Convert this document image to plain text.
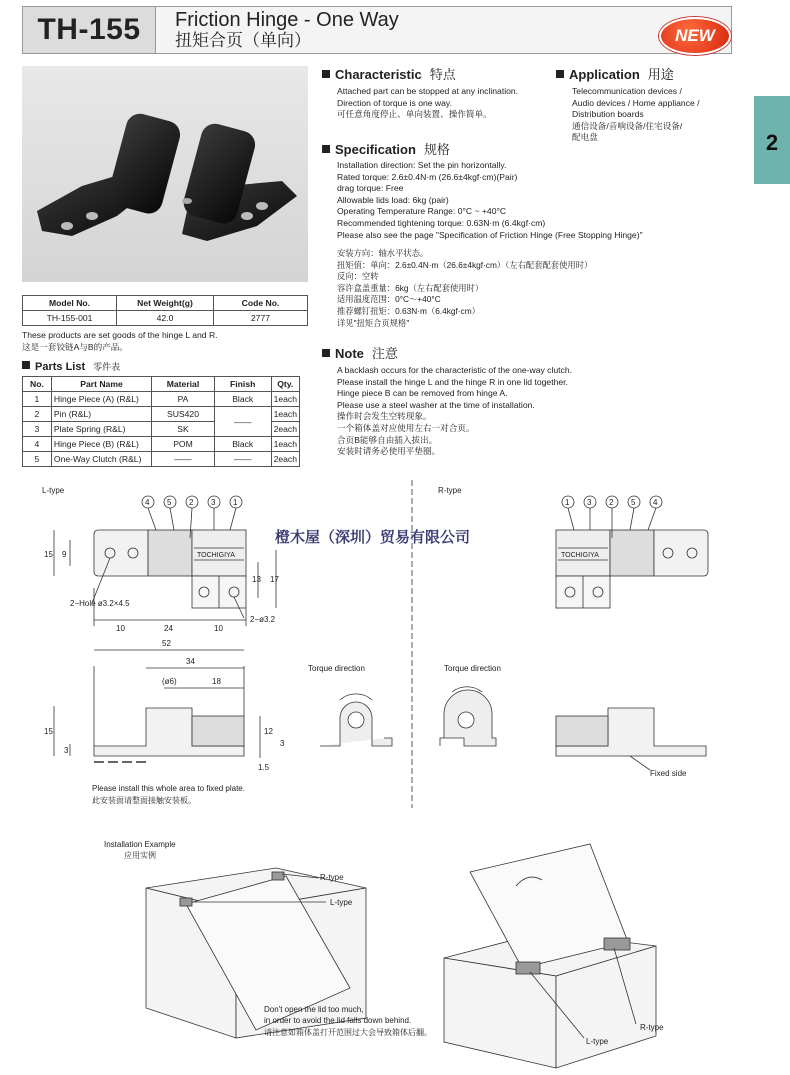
TH-155	Friction Hinge - One Way
扭矩合页（单向）	NEW
2
Model No.	Net Weight(g)	Code No.
TH-155-001	42.0	2777
These products are set goods of the hinge L and R.
这是一套铰链A与B的产品。
Parts List 零件表
No.	Part Name	Material	Finish	Qty.
1	Hinge Piece (A) (R&L)	PA	Black	1each
2	Pin (R&L)	SUS420	——	1each
3	Plate Spring (R&L)	SK		2each
4	Hinge Piece (B) (R&L)	POM	Black	1each
5	One-Way Clutch (R&L)	——	——	2each
Characteristic 特点
Attached part can be stopped at any inclination.
Direction of torque is one way.
可任意角度停止、单向装置、操作简单。
Application 用途
Telecommunication devices /
Audio devices / Home appliance /
Distribution boards
通信设备/音响设备/住宅设备/
配电盘
Specification 规格
Installation direction: Set the pin horizontally.
Rated torque: 2.6±0.4N·m (26.6±4kgf·cm)(Pair)
drag torque: Free
Allowable lids load: 6kg (pair)
Operating Temperature Range: 0°C ~ +40°C
Recommended tightening torque: 0.63N·m (6.4kgf·cm)
Please also see the page "Specification of Friction Hinge (Free Stopping Hinge)"
安装方向：轴水平状态。
扭矩值：单向：2.6±0.4N·m（26.6±4kgf·cm）（左右配套配套使用时）
反向：空转
容许盒盖重量：6kg（左右配套使用时）
适用温度范围：0°C～+40°C
推荐螺钉扭矩：0.63N·m（6.4kgf·cm）
详见"扭矩合页规格"
Note 注意
A backlash occurs for the characteristic of the one-way clutch.
Please install the hinge L and the hinge R in one lid together.
Hinge piece B can be removed from hinge A.
Please use a steel washer at the time of installation.
操作时会发生空转现象。
一个箱体盖对应使用左右一对合页。
合页B能够自由插入拔出。
安装时请务必使用平垫圈。
L-type	R-type
4 5 2 3 1	1 3 2 5 4
TOCHIGIYA	TOCHIGIYA
15 9
13 17
10	24	10
2−Hole ø3.2×4.5
2−ø3.2
52
34
18
(ø6)
15
3
12
3
1.5
Torque direction	Torque direction
Fixed side
Please install this whole area to fixed plate.
此安装面请整面接触安装板。
橙木屋（深圳）贸易有限公司
Installation Example
应用实例
R-type
L-type
R-type
L-type
Don't open the lid too much,
in order to avoid the lid falls down behind.
请注意如箱体盖打开范围过大会导致箱体后翻。
